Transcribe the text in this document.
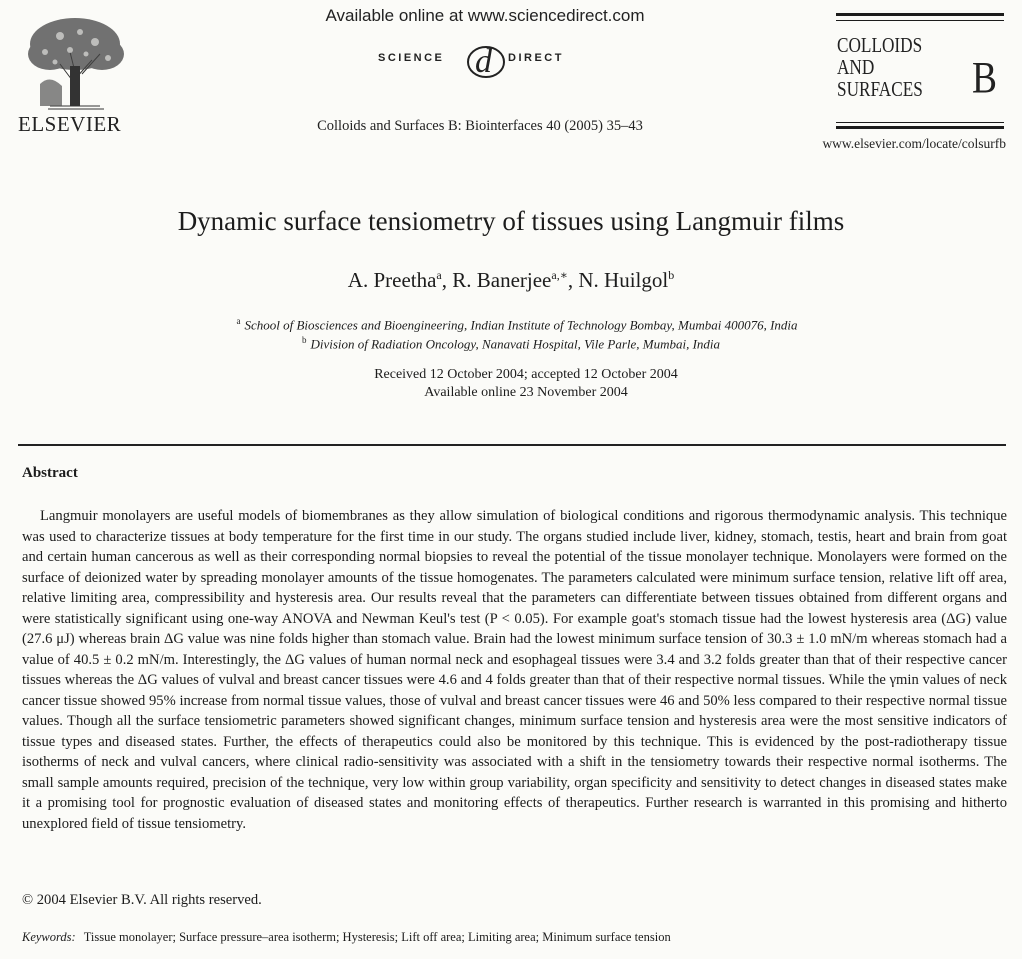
ELSEVIER
Available online at www.sciencedirect.com
SCIENCE d DIRECT
Colloids and Surfaces B: Biointerfaces 40 (2005) 35–43
COLLOIDS
AND
SURFACES B
www.elsevier.com/locate/colsurfb
Dynamic surface tensiometry of tissues using Langmuir films
A. Preetha$^a$, R. Banerjee$^{a,∗}$, N. Huilgol$^b$
$^a$ School of Biosciences and Bioengineering, Indian Institute of Technology Bombay, Mumbai 400076, India
$^b$ Division of Radiation Oncology, Nanavati Hospital, Vile Parle, Mumbai, India
Received 12 October 2004; accepted 12 October 2004
Available online 23 November 2004
Abstract

Langmuir monolayers are useful models of biomembranes as they allow simulation of biological conditions and rigorous thermodynamic analysis. This technique was used to characterize tissues at body temperature for the first time in our study. The organs studied include liver, kidney, stomach, testis, heart and brain from goat and certain human cancerous as well as their corresponding normal biopsies to reveal the potential of the tissue monolayer technique. Monolayers were formed on the surface of deionized water by spreading monolayer amounts of the tissue homogenates. The parameters calculated were minimum surface tension, relative lift off area, relative limiting area, compressibility and hysteresis area. Our results reveal that the parameters can differentiate between tissues obtained from different organs and were statistically significant using one-way ANOVA and Newman Keul's test (P < 0.05). For example goat's stomach tissue had the lowest hysteresis area (ΔG) value (27.6 μJ) whereas brain ΔG value was nine folds higher than stomach value. Brain had the lowest minimum surface tension of 30.3 ± 1.0 mN/m whereas stomach had a value of 40.5 ± 0.2 mN/m. Interestingly, the ΔG values of human normal neck and esophageal tissues were 3.4 and 3.2 folds greater than that of their respective cancer tissues whereas the ΔG values of vulval and breast cancer tissues were 4.6 and 4 folds greater than that of their respective normal tissues. While the γmin values of neck cancer tissue showed 95% increase from normal tissue values, those of vulval and breast cancer tissues were 46 and 50% less compared to their respective normal tissue values. Though all the surface tensiometric parameters showed significant changes, minimum surface tension and hysteresis area were the most sensitive indicators of tissue types and diseased states. Further, the effects of therapeutics could also be monitored by this technique. This is evidenced by the post-radiotherapy tissue isotherms of neck and vulval cancers, where clinical radio-sensitivity was associated with a shift in the tensiometry towards their respective normal isotherms. The small sample amounts required, precision of the technique, very low within group variability, organ specificity and sensitivity to detect changes in diseased states make it a promising tool for prognostic evaluation of diseased states and monitoring effects of therapeutics. Further research is warranted in this promising and hitherto unexplored field of tissue tensiometry.

© 2004 Elsevier B.V. All rights reserved.
Keywords: Tissue monolayer; Surface pressure–area isotherm; Hysteresis; Lift off area; Limiting area; Minimum surface tension
